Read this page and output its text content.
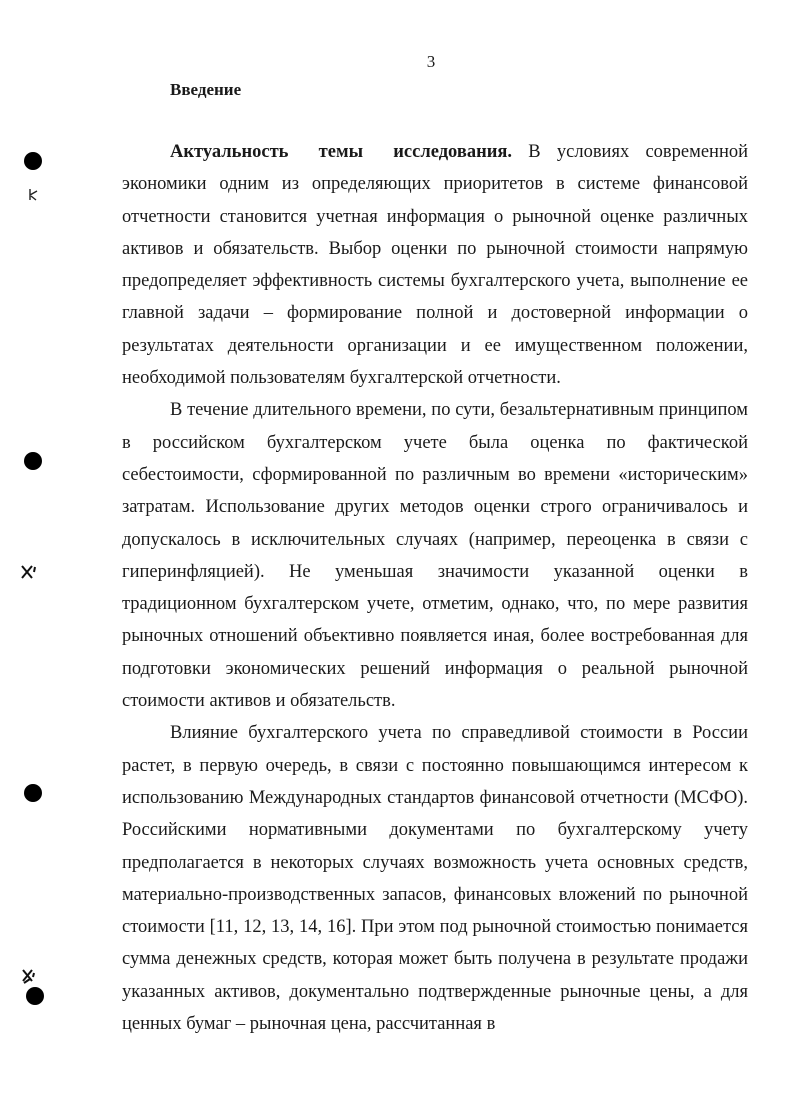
3
Введение

Актуальность темы исследования. В условиях современной экономики одним из определяющих приоритетов в системе финансовой отчетности становится учетная информация о рыночной оценке различных активов и обязательств. Выбор оценки по рыночной стоимости напрямую предопределяет эффективность системы бухгалтерского учета, выполнение ее главной задачи – формирование полной и достоверной информации о результатах деятельности организации и ее имущественном положении, необходимой пользователям бухгалтерской отчетности.

В течение длительного времени, по сути, безальтернативным принципом в российском бухгалтерском учете была оценка по фактической себестоимости, сформированной по различным во времени «историческим» затратам. Использование других методов оценки строго ограничивалось и допускалось в исключительных случаях (например, переоценка в связи с гиперинфляцией). Не уменьшая значимости указанной оценки в традиционном бухгалтерском учете, отметим, однако, что, по мере развития рыночных отношений объективно появляется иная, более востребованная для подготовки экономических решений информация о реальной рыночной стоимости активов и обязательств.

Влияние бухгалтерского учета по справедливой стоимости в России растет, в первую очередь, в связи с постоянно повышающимся интересом к использованию Международных стандартов финансовой отчетности (МСФО). Российскими нормативными документами по бухгалтерскому учету предполагается в некоторых случаях возможность учета основных средств, материально-производственных запасов, финансовых вложений по рыночной стоимости [11, 12, 13, 14, 16]. При этом под рыночной стоимостью понимается сумма денежных средств, которая может быть получена в результате продажи указанных активов, документально подтвержденные рыночные цены, а для ценных бумаг – рыночная цена, рассчитанная в
